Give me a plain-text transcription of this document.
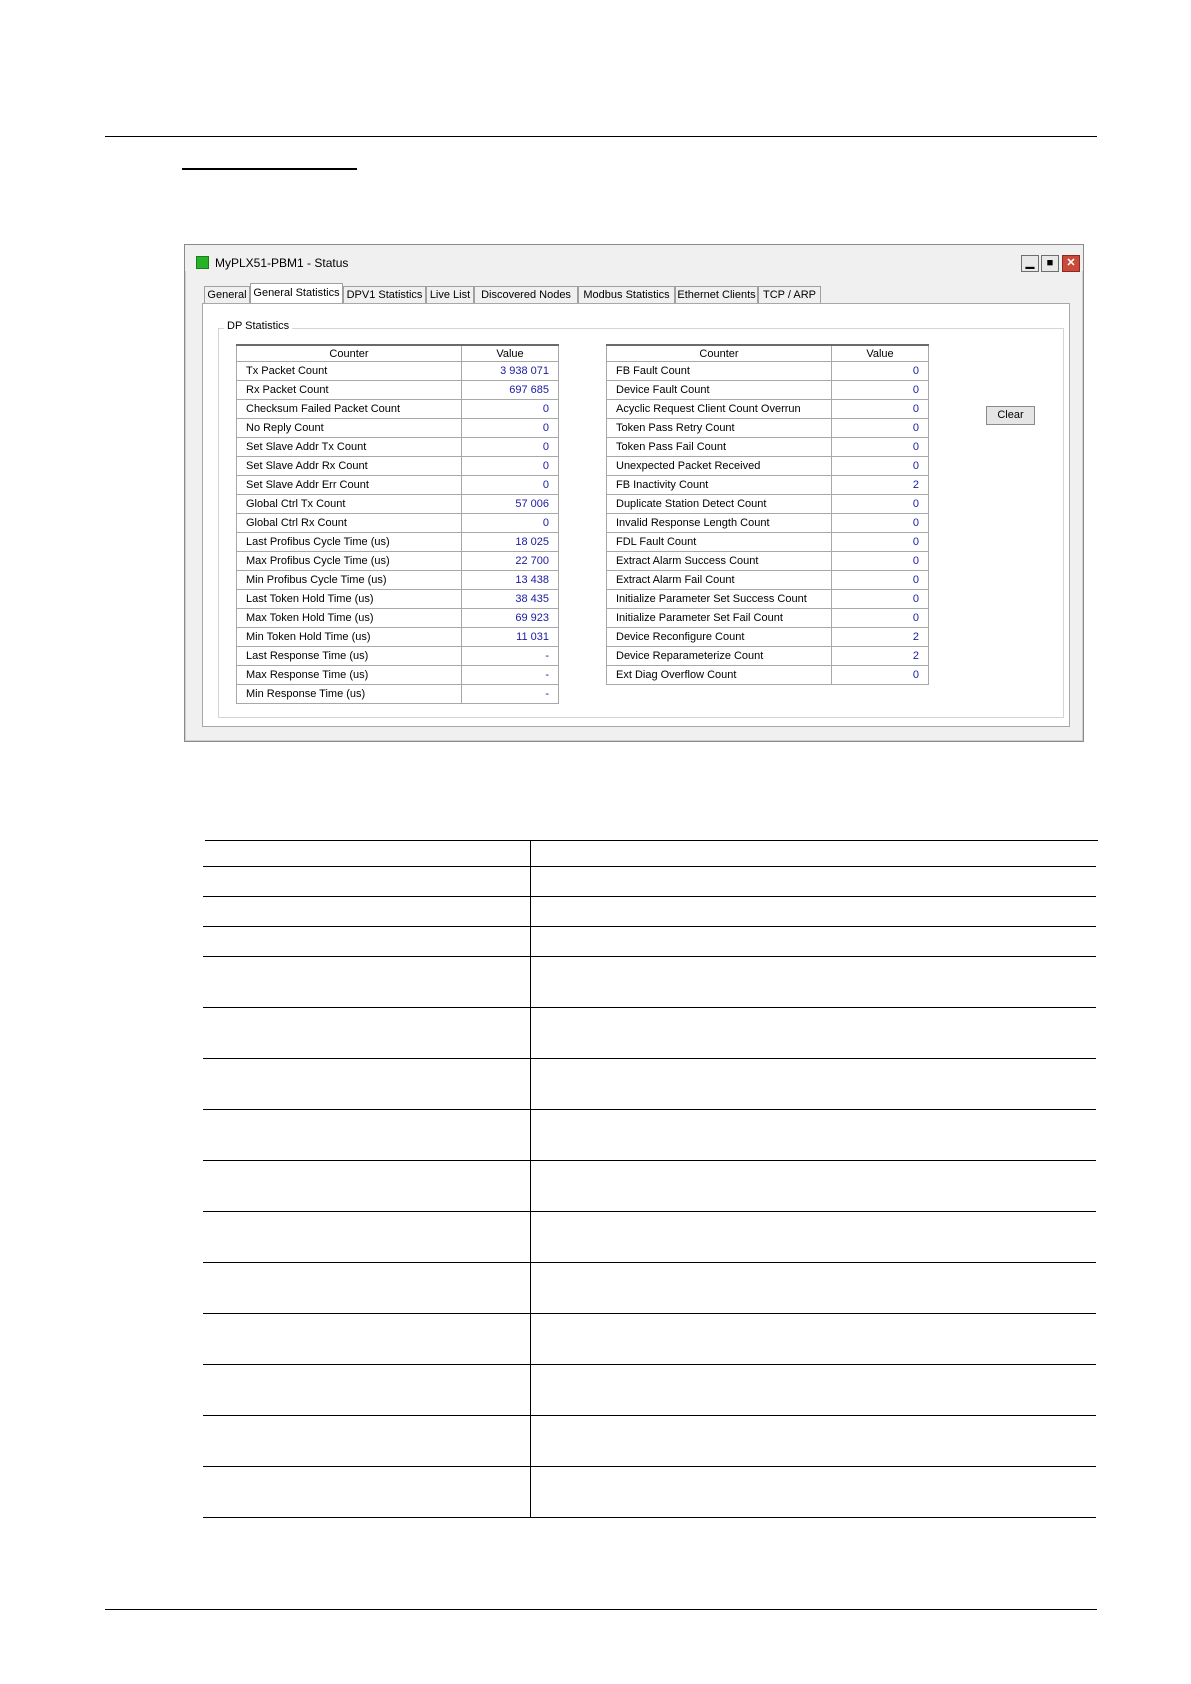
MyPLX51-PBM1 - Status	▁	■	✕
General General Statistics DPV1 Statistics Live List Discovered Nodes	Modbus Statistics Ethernet Clients TCP / ARP
DP Statistics
Counter	Value
Tx Packet Count	3 938 071
Rx Packet Count	697 685
Checksum Failed Packet Count	0
No Reply Count	0
Set Slave Addr Tx Count	0
Set Slave Addr Rx Count	0
Set Slave Addr Err Count	0
Global Ctrl Tx Count	57 006
Global Ctrl Rx Count	0
Last Profibus Cycle Time (us)	18 025
Max Profibus Cycle Time (us)	22 700
Min Profibus Cycle Time (us)	13 438
Last Token Hold Time (us)	38 435
Max Token Hold Time (us)	69 923
Min Token Hold Time (us)	11 031
Last Response Time (us)	-
Max Response Time (us)	-
Min Response Time (us)	-
Counter	Value
FB Fault Count	0
Device Fault Count	0
Acyclic Request Client Count Overrun	0
Token Pass Retry Count	0
Token Pass Fail Count	0
Unexpected Packet Received	0
FB Inactivity Count	2
Duplicate Station Detect Count	0
Invalid Response Length Count	0
FDL Fault Count	0
Extract Alarm Success Count	0
Extract Alarm Fail Count	0
Initialize Parameter Set Success Count	0
Initialize Parameter Set Fail Count	0
Device Reconfigure Count	2
Device Reparameterize Count	2
Ext Diag Overflow Count	0
Clear
